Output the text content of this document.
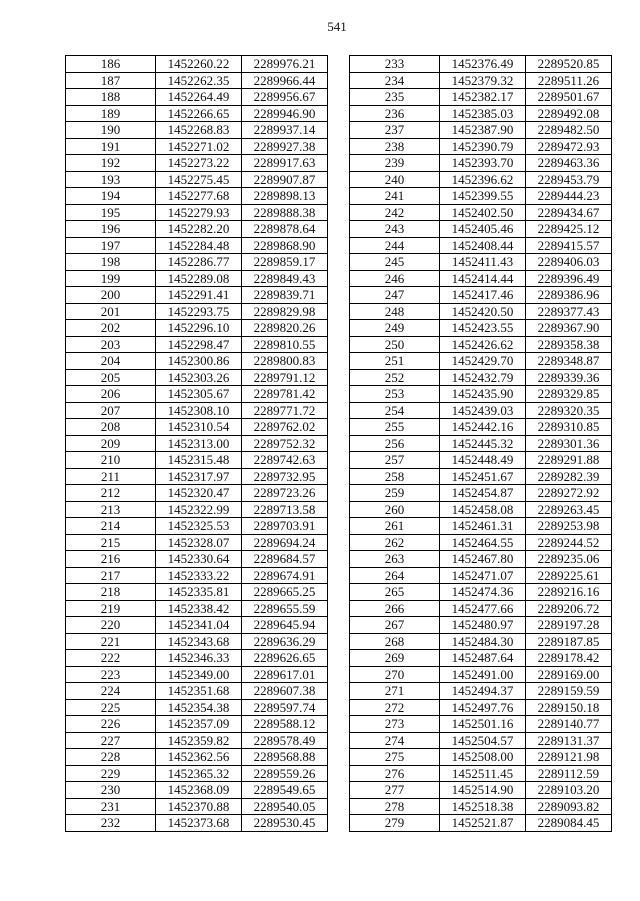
541
186	1452260.22	2289976.21
187	1452262.35	2289966.44
188	1452264.49	2289956.67
189	1452266.65	2289946.90
190	1452268.83	2289937.14
191	1452271.02	2289927.38
192	1452273.22	2289917.63
193	1452275.45	2289907.87
194	1452277.68	2289898.13
195	1452279.93	2289888.38
196	1452282.20	2289878.64
197	1452284.48	2289868.90
198	1452286.77	2289859.17
199	1452289.08	2289849.43
200	1452291.41	2289839.71
201	1452293.75	2289829.98
202	1452296.10	2289820.26
203	1452298.47	2289810.55
204	1452300.86	2289800.83
205	1452303.26	2289791.12
206	1452305.67	2289781.42
207	1452308.10	2289771.72
208	1452310.54	2289762.02
209	1452313.00	2289752.32
210	1452315.48	2289742.63
211	1452317.97	2289732.95
212	1452320.47	2289723.26
213	1452322.99	2289713.58
214	1452325.53	2289703.91
215	1452328.07	2289694.24
216	1452330.64	2289684.57
217	1452333.22	2289674.91
218	1452335.81	2289665.25
219	1452338.42	2289655.59
220	1452341.04	2289645.94
221	1452343.68	2289636.29
222	1452346.33	2289626.65
223	1452349.00	2289617.01
224	1452351.68	2289607.38
225	1452354.38	2289597.74
226	1452357.09	2289588.12
227	1452359.82	2289578.49
228	1452362.56	2289568.88
229	1452365.32	2289559.26
230	1452368.09	2289549.65
231	1452370.88	2289540.05
232	1452373.68	2289530.45
233	1452376.49	2289520.85
234	1452379.32	2289511.26
235	1452382.17	2289501.67
236	1452385.03	2289492.08
237	1452387.90	2289482.50
238	1452390.79	2289472.93
239	1452393.70	2289463.36
240	1452396.62	2289453.79
241	1452399.55	2289444.23
242	1452402.50	2289434.67
243	1452405.46	2289425.12
244	1452408.44	2289415.57
245	1452411.43	2289406.03
246	1452414.44	2289396.49
247	1452417.46	2289386.96
248	1452420.50	2289377.43
249	1452423.55	2289367.90
250	1452426.62	2289358.38
251	1452429.70	2289348.87
252	1452432.79	2289339.36
253	1452435.90	2289329.85
254	1452439.03	2289320.35
255	1452442.16	2289310.85
256	1452445.32	2289301.36
257	1452448.49	2289291.88
258	1452451.67	2289282.39
259	1452454.87	2289272.92
260	1452458.08	2289263.45
261	1452461.31	2289253.98
262	1452464.55	2289244.52
263	1452467.80	2289235.06
264	1452471.07	2289225.61
265	1452474.36	2289216.16
266	1452477.66	2289206.72
267	1452480.97	2289197.28
268	1452484.30	2289187.85
269	1452487.64	2289178.42
270	1452491.00	2289169.00
271	1452494.37	2289159.59
272	1452497.76	2289150.18
273	1452501.16	2289140.77
274	1452504.57	2289131.37
275	1452508.00	2289121.98
276	1452511.45	2289112.59
277	1452514.90	2289103.20
278	1452518.38	2289093.82
279	1452521.87	2289084.45
